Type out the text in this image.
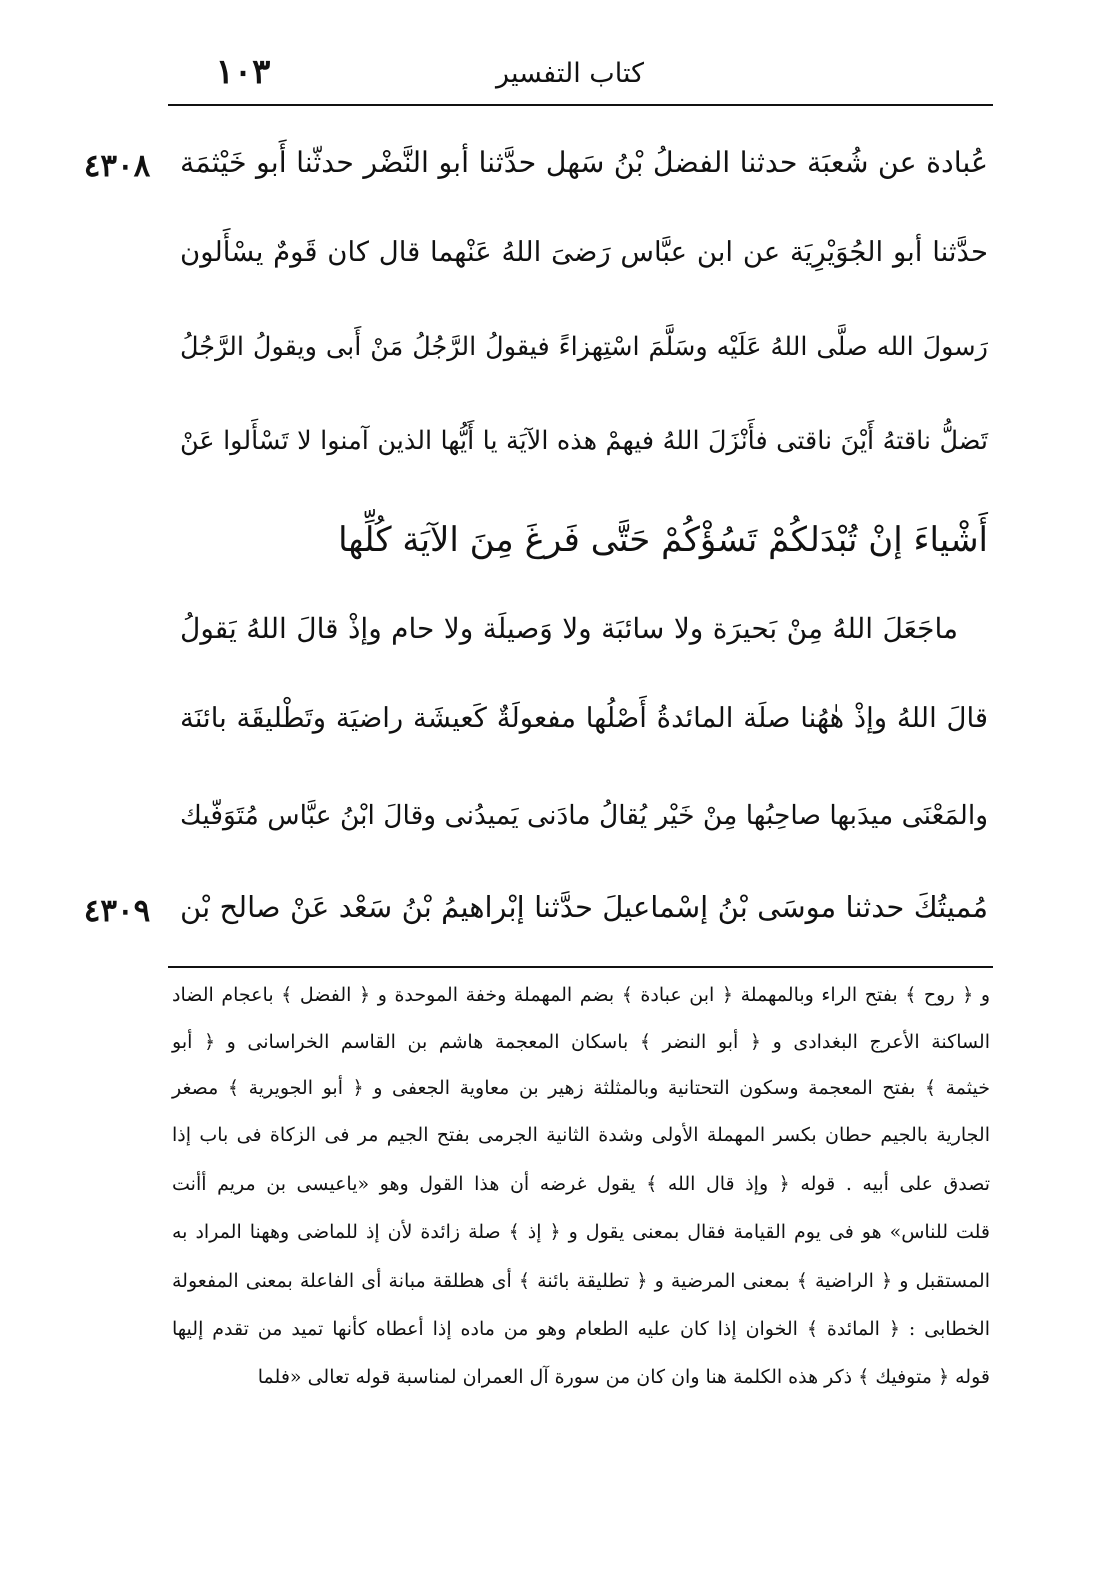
كتاب التفسير
١٠٣
٤٣٠٨
٤٣٠٩
عُبادة عن شُعبَة حدثنا الفضلُ بْنُ سَهل حدَّثنا أبو النَّضْر حدثّنا أَبو خَيْثمَة
حدَّثنا أبو الجُوَيْرِيَة عن ابن عبَّاس رَضىَ اللهُ عَنْهما قال كان قَومٌ يسْأَلون
رَسولَ الله صلَّى اللهُ عَلَيْه وسَلَّمَ اسْتِهزاءً فيقولُ الرَّجُلُ مَنْ أَبى ويقولُ الرَّجُلُ
تَضلُّ ناقتهُ أَيْنَ ناقتى فأَنْزَلَ اللهُ فيهمْ هذه الآيَة يا أَيُّها الذين آمنوا لا تَسْأَلوا عَنْ
أَشْياءَ إنْ تُبْدَلكُمْ تَسُؤْكُمْ حَتَّى فَرغَ مِنَ الآيَة كُلِّها
ماجَعَلَ اللهُ مِنْ بَحيرَة ولا سائبَة ولا وَصيلَة ولا حام وإذْ قالَ اللهُ يَقولُ
قالَ اللهُ وإذْ هٰهُنا صلَة المائدةُ أَصْلُها مفعولَةٌ كَعيشَة راضيَة وتَطْليقَة بائنَة
والمَعْنَى ميدَبها صاحِبُها مِنْ خَيْر يُقالُ مادَنى يَميدُنى وقالَ ابْنُ عبَّاس مُتَوَفّيك
مُميتُكَ حدثنا موسَى بْنُ إسْماعيلَ حدَّثنا إبْراهيمُ بْنُ سَعْد عَنْ صالح بْن
و ﴿ روح ﴾ بفتح الراء وبالمهملة ﴿ ابن عبادة ﴾ بضم المهملة وخفة الموحدة و ﴿ الفضل ﴾ باعجام الضاد
الساكنة الأعرج البغدادى و ﴿ أبو النضر ﴾ باسكان المعجمة هاشم بن القاسم الخراسانى و ﴿ أبو
خيثمة ﴾ بفتح المعجمة وسكون التحتانية وبالمثلثة زهير بن معاوية الجعفى و ﴿ أبو الجويرية ﴾ مصغر
الجارية بالجيم حطان بكسر المهملة الأولى وشدة الثانية الجرمى بفتح الجيم مر فى الزكاة فى باب إذا
تصدق على أبيه . قوله ﴿ وإذ قال الله ﴾ يقول غرضه أن هذا القول وهو «ياعيسى بن مريم أأنت
قلت للناس» هو فى يوم القيامة فقال بمعنى يقول و ﴿ إذ ﴾ صلة زائدة لأن إذ للماضى وههنا المراد به
المستقبل و ﴿ الراضية ﴾ بمعنى المرضية و ﴿ تطليقة بائنة ﴾ أى هطلقة مبانة أى الفاعلة بمعنى المفعولة
الخطابى : ﴿ المائدة ﴾ الخوان إذا كان عليه الطعام وهو من ماده إذا أعطاه كأنها تميد من تقدم إليها
قوله ﴿ متوفيك ﴾ ذكر هذه الكلمة هنا وان كان من سورة آل العمران لمناسبة قوله تعالى «فلما
